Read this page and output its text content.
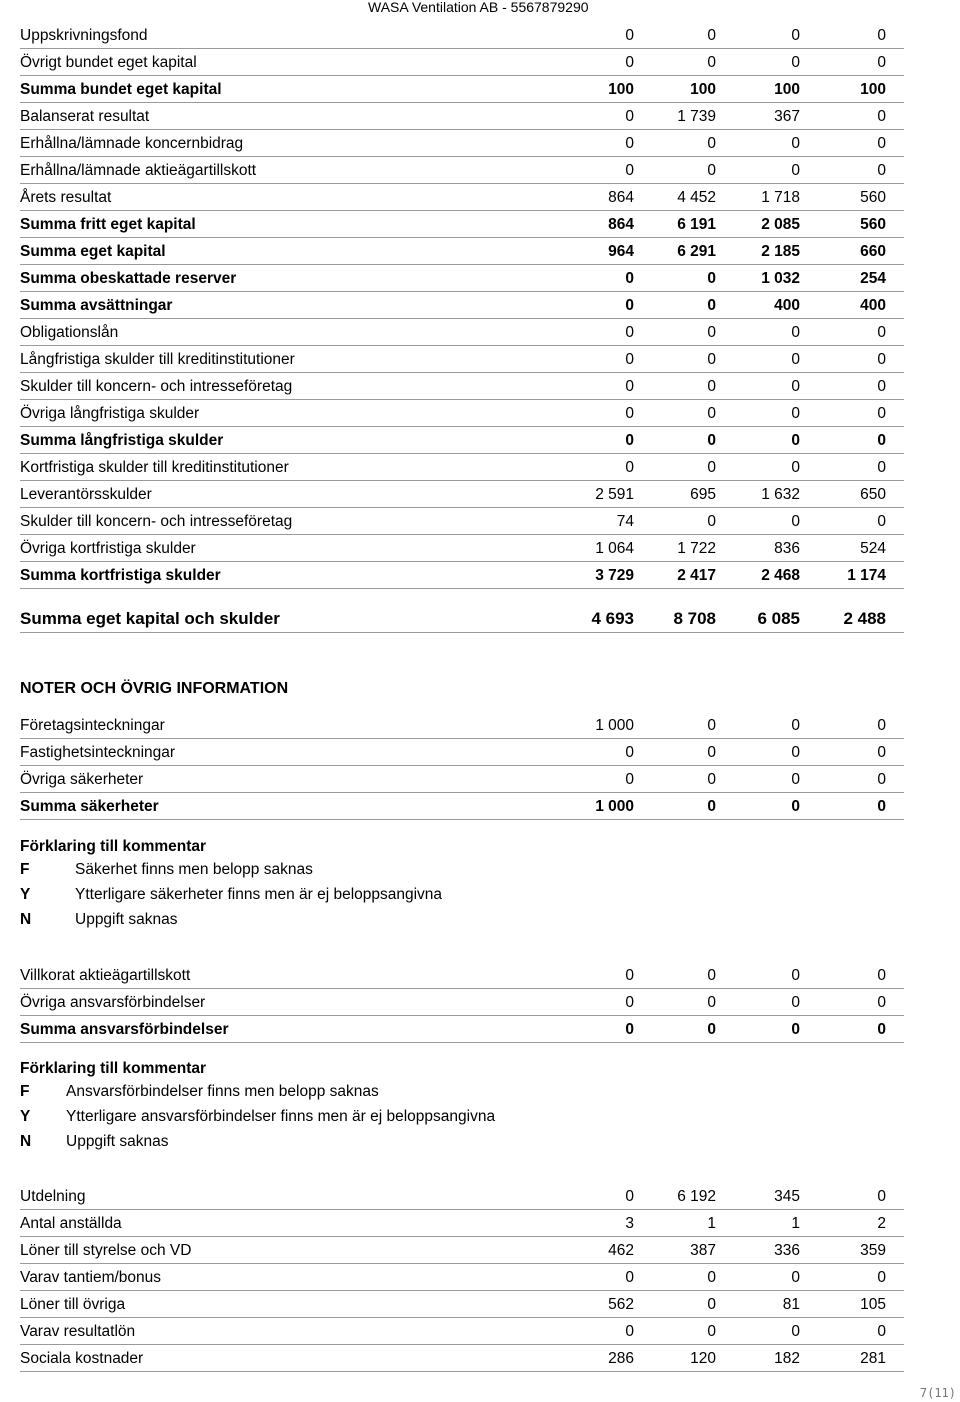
WASA Ventilation AB - 5567879290
Uppskrivningsfond	0	0	0	0
Övrigt bundet eget kapital	0	0	0	0
Summa bundet eget kapital	100	100	100	100
Balanserat resultat	0	1 739	367	0
Erhållna/lämnade koncernbidrag	0	0	0	0
Erhållna/lämnade aktieägartillskott	0	0	0	0
Årets resultat	864	4 452	1 718	560
Summa fritt eget kapital	864	6 191	2 085	560
Summa eget kapital	964	6 291	2 185	660
Summa obeskattade reserver	0	0	1 032	254
Summa avsättningar	0	0	400	400
Obligationslån	0	0	0	0
Långfristiga skulder till kreditinstitutioner	0	0	0	0
Skulder till koncern- och intresseföretag	0	0	0	0
Övriga långfristiga skulder	0	0	0	0
Summa långfristiga skulder	0	0	0	0
Kortfristiga skulder till kreditinstitutioner	0	0	0	0
Leverantörsskulder	2 591	695	1 632	650
Skulder till koncern- och intresseföretag	74	0	0	0
Övriga kortfristiga skulder	1 064	1 722	836	524
Summa kortfristiga skulder	3 729	2 417	2 468	1 174
Summa eget kapital och skulder	4 693	8 708	6 085	2 488
NOTER OCH ÖVRIG INFORMATION
Företagsinteckningar	1 000	0	0	0
Fastighetsinteckningar	0	0	0	0
Övriga säkerheter	0	0	0	0
Summa säkerheter	1 000	0	0	0
Förklaring till kommentar
F	Säkerhet finns men belopp saknas
Y	Ytterligare säkerheter finns men är ej beloppsangivna
N	Uppgift saknas
Villkorat aktieägartillskott	0	0	0	0
Övriga ansvarsförbindelser	0	0	0	0
Summa ansvarsförbindelser	0	0	0	0
Förklaring till kommentar
F Ansvarsförbindelser finns men belopp saknas
Y Ytterligare ansvarsförbindelser finns men är ej beloppsangivna
N Uppgift saknas
Utdelning	0	6 192	345	0
Antal anställda	3	1	1	2
Löner till styrelse och VD	462	387	336	359
Varav tantiem/bonus	0	0	0	0
Löner till övriga	562	0	81	105
Varav resultatlön	0	0	0	0
Sociala kostnader	286	120	182	281
7(11)
